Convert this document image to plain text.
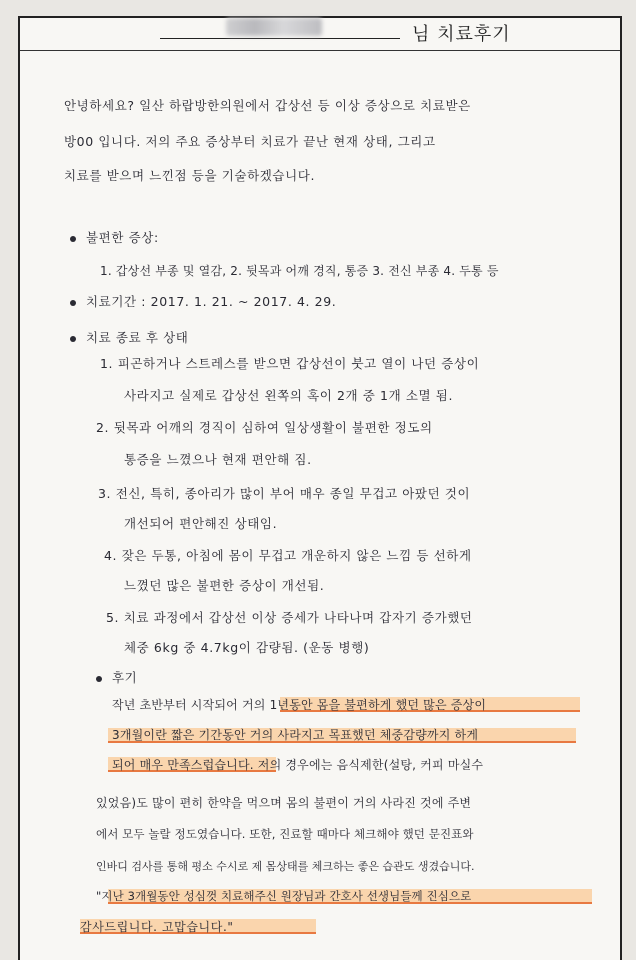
님 치료후기
안녕하세요? 일산 하랍방한의원에서 갑상선 등 이상 증상으로 치료받은
방00 입니다. 저의 주요 증상부터 치료가 끝난 현재 상태, 그리고
치료를 받으며 느낀점 등을 기술하겠습니다.
불편한 증상:
1. 갑상선 부종 및 열감, 2. 뒷목과 어깨 경직, 통증 3. 전신 부종 4. 두통 등
치료기간 : 2017. 1. 21. ~ 2017. 4. 29.
치료 종료 후 상태
1. 피곤하거나 스트레스를 받으면 갑상선이 붓고 열이 나던 증상이
사라지고 실제로 갑상선 왼쪽의 혹이 2개 중 1개 소멸 됨.
2. 뒷목과 어깨의 경직이 심하여 일상생활이 불편한 정도의
통증을 느꼈으나 현재 편안해 짐.
3. 전신, 특히, 종아리가 많이 부어 매우 종일 무겁고 아팠던 것이
개선되어 편안해진 상태임.
4. 잦은 두통, 아침에 몸이 무겁고 개운하지 않은 느낌 등 선하게
느꼈던 많은 불편한 증상이 개선됨.
5. 치료 과정에서 갑상선 이상 증세가 나타나며 갑자기 증가했던
체중 6kg 중 4.7kg이 감량됨. (운동 병행)
후기
작년 초반부터 시작되어 거의 1년동안 몸을 불편하게 했던 많은 증상이
3개월이란 짧은 기간동안 거의 사라지고 목표했던 체중감량까지 하게
되어 매우 만족스럽습니다. 저의 경우에는 음식제한(설탕, 커피 마실수
있었음)도 많이 편히 한약을 먹으며 몸의 불편이 거의 사라진 것에 주변
에서 모두 놀랄 정도였습니다. 또한, 진료할 때마다 체크해야 했던 문진표와
인바디 검사를 통해 평소 수시로 제 몸상태를 체크하는 좋은 습관도 생겼습니다.
"지난 3개월동안 성심껏 치료해주신 원장님과 간호사 선생님들께 진심으로
감사드립니다. 고맙습니다."
